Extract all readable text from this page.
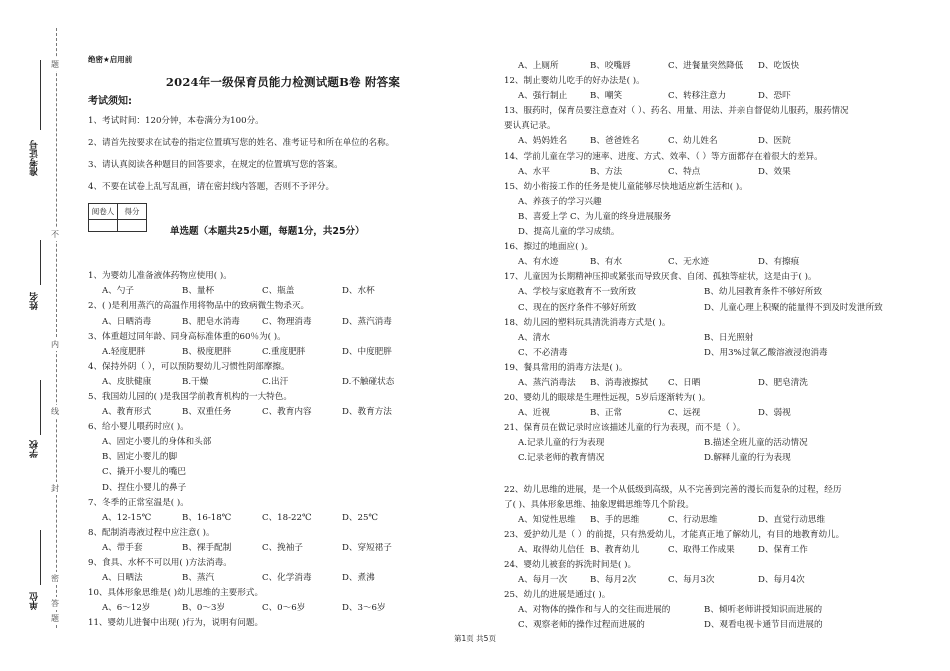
题
不
内
线
封
密
答
题
准考证号
姓名
学校
单位
绝密★启用前
2024年一级保育员能力检测试题B卷 附答案
考试须知:
1、考试时间：120分钟，本卷满分为100分。
2、请首先按要求在试卷的指定位置填写您的姓名、准考证号和所在单位的名称。
3、请认真阅读各种题目的回答要求，在规定的位置填写您的答案。
4、不要在试卷上乱写乱画，请在密封线内答题，否则不予评分。
阅卷人	得分

单选题（本题共25小题，每题1分，共25分）
1、为婴幼儿准备液体药物应使用( )。
A、勺子	B、量杯	C、瓶盖	D、水杯
2、( )是利用蒸汽的高温作用将物品中的致病微生物杀灭。
A、日晒消毒	B、肥皂水消毒	C、物理消毒	D、蒸汽消毒
3、体重超过同年龄、同身高标准体重的60％为( )。
A.轻度肥胖	B、极度肥胖	C.重度肥胖	D、中度肥胖
4、保持外阴（ ），可以预防婴幼儿习惯性阴部摩擦。
A、皮肤健康	B.干燥	C.出汗	D.不触碰状态
5、我国幼儿园的( )是我国学前教育机构的一大特色。
A、教育形式	B、双重任务	C、教育内容	D、教育方法
6、给小婴儿喂药时应( )。
A、固定小婴儿的身体和头部
B、固定小婴儿的脚
C、撬开小婴儿的嘴巴
D、捏住小婴儿的鼻子
7、冬季的正常室温是( )。
A、12-15℃	B、16-18℃	C、18-22℃	D、25℃
8、配制消毒液过程中应注意( )。
A、带手套	B、裸手配制	C、挽袖子	D、穿短裙子
9、食具、水杯不可以用( )方法消毒。
A、日晒法	B、蒸汽	C、化学消毒	D、煮沸
10、具体形象思维是( )幼儿思维的主要形式。
A、6～12岁	B、0～3岁	C、0～6岁	D、3～6岁
11、婴幼儿进餐中出现( )行为，说明有问题。
A、上厕所	B、咬嘴唇	C、进餐量突然降低 D、吃饭快
12、制止婴幼儿吃手的好办法是( )。
A、强行制止	B、嘲笑	C、转移注意力	D、恐吓
13、服药时，保育员要注意查对（ ）、药名、用量、用法、并亲自督促幼儿服药，服药情况要认真记录。
A、妈妈姓名	B、爸爸姓名	C、幼儿姓名	D、医院
14、学前儿童在学习的速率、进度、方式、效率、（ ）等方面都存在着很大的差异。
A、水平	B、方法	C、特点	D、效果
15、幼小衔接工作的任务是使儿童能够尽快地适应新生活和( )。
A、养孩子的学习兴趣
B、喜爱上学 C、为儿童的终身进展服务
D、提高儿童的学习成绩。
16、擦过的地面应( )。
A、有水迹	B、有水	C、无水迹	D、有擦痕
17、儿童因为长期精神压抑或紧张而导致厌食、自闭、孤独等症状，这是由于( )。
A、学校与家庭教育不一致所致	B、幼儿园教育条件不够好所致
C、现在的医疗条件不够好所致	D、儿童心理上积聚的能量得不到及时发泄所致
18、幼儿园的塑料玩具清洗消毒方式是( )。
A、清水	B、日光照射
C、不必清毒	D、用3%过氧乙酸溶液浸泡消毒
19、餐具常用的消毒方法是( )。
A、蒸汽消毒法 B、消毒液擦拭 C、日晒	D、肥皂清洗
20、婴幼儿的眼球是生理性远视，5岁后逐渐转为( )。
A、近视	B、正常	C、远视	D、弱视
21、保育员在做记录时应该描述儿童的行为表现，而不是（ ）。
A.记录儿童的行为表现	B.描述全班儿童的活动情况
C.记录老师的教育情况	D.解释儿童的行为表现
22、幼儿思维的进展，是一个从低级到高级，从不完善到完善的漫长而复杂的过程，经历了( )、具体形象思维、抽象逻辑思维等几个阶段。
A、知觉性思维 B、手的思维	C、行动思维	D、直觉行动思维
23、爱护幼儿是（ ）的前提，只有热爱幼儿，才能真正地了解幼儿，有目的地教育幼儿。
A、取得幼儿信任 B、教育幼儿	C、取得工作成果	D、保育工作
24、婴幼儿被套的拆洗时间是( )。
A、每月一次	B、每月2次	C、每月3次	D、每月4次
25、幼儿的进展是通过( )。
A、对物体的操作和与人的交往而进展的	B、倾听老师讲授知识而进展的
C、观察老师的操作过程而进展的	D、观看电视卡通节目而进展的
第1页 共5页
